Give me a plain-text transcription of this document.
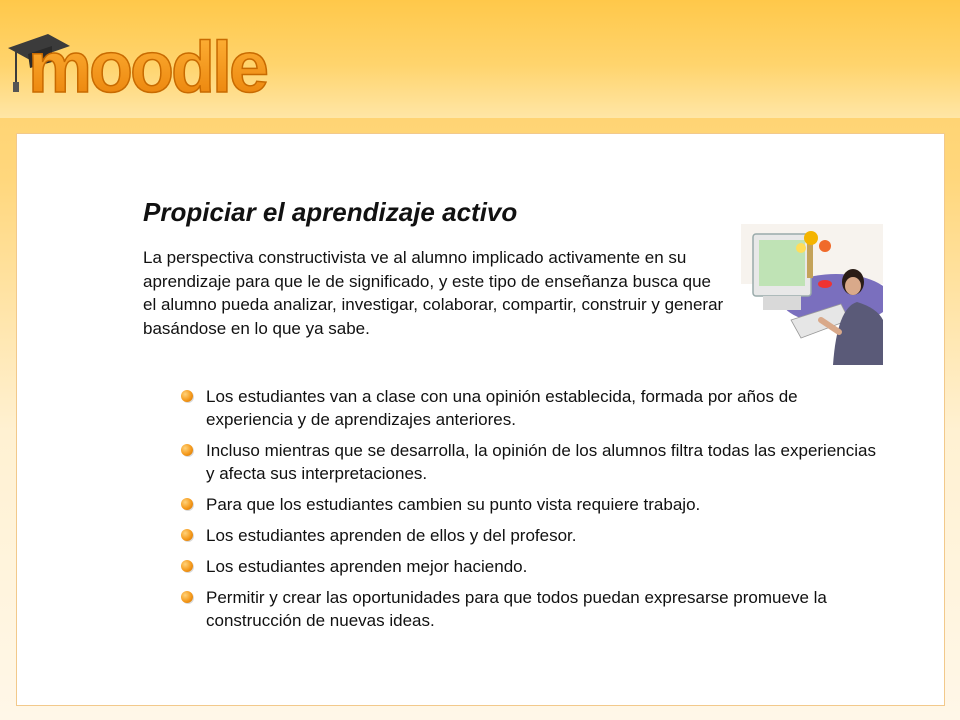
moodle
Propiciar el aprendizaje activo

La perspectiva constructivista ve al alumno implicado activamente en su aprendizaje para que le de significado, y este tipo de enseñanza busca que el alumno pueda analizar, investigar, colaborar, compartir, construir y generar basándose en lo que ya sabe.

Los estudiantes van a clase con una opinión establecida, formada por años de experiencia y de aprendizajes anteriores.
Incluso mientras que se desarrolla, la opinión de los alumnos filtra todas las experiencias y afecta sus interpretaciones.
Para que los estudiantes cambien su punto vista requiere trabajo.
Los estudiantes aprenden de ellos y del profesor.
Los estudiantes aprenden mejor haciendo.
Permitir y crear las oportunidades para que todos puedan expresarse promueve la construcción de nuevas ideas.
